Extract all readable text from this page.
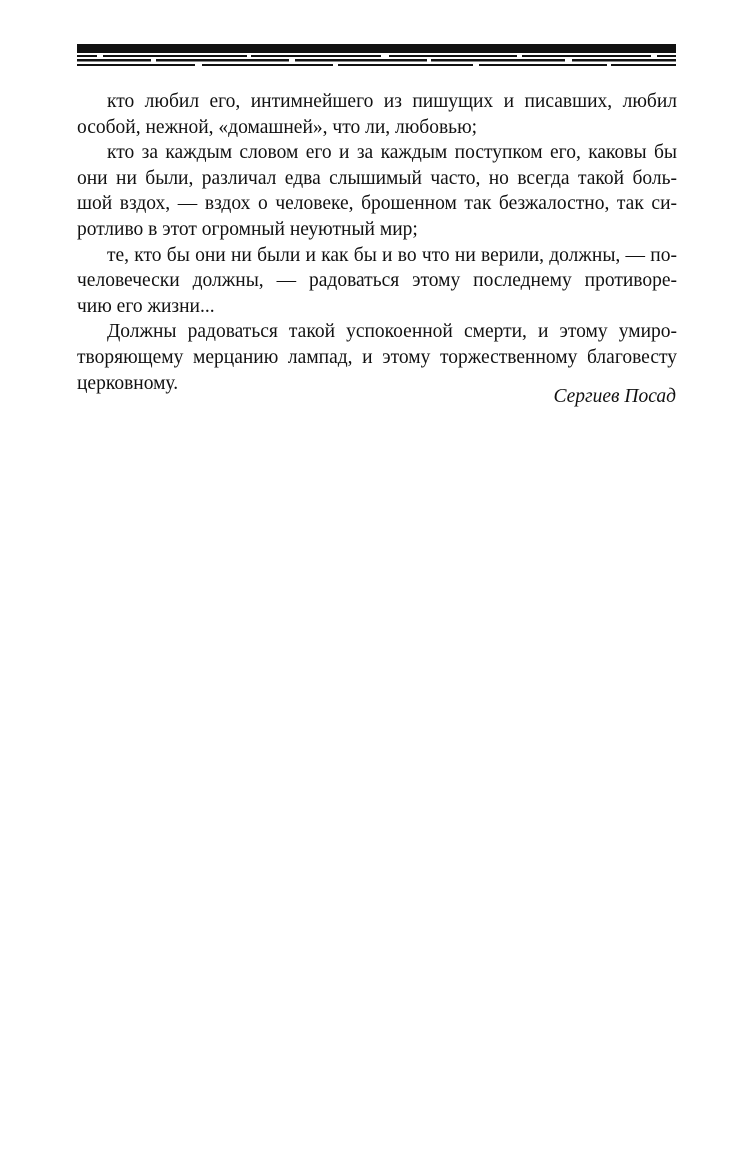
кто любил его, интимнейшего из пишущих и писавших, любил
особой, нежной, «домашней», что ли, любовью;

кто за каждым словом его и за каждым поступком его, каковы бы
они ни были, различал едва слышимый часто, но всегда такой боль-
шой вздох, — вздох о человеке, брошенном так безжалостно, так си-
ротливо в этот огромный неуютный мир;

те, кто бы они ни были и как бы и во что ни верили, должны, — по-
человечески должны, — радоваться этому последнему противоре-
чию его жизни...

Должны радоваться такой успокоенной смерти, и этому умиро-
творяющему мерцанию лампад, и этому торжественному благовесту
церковному.

Сергиев Посад
